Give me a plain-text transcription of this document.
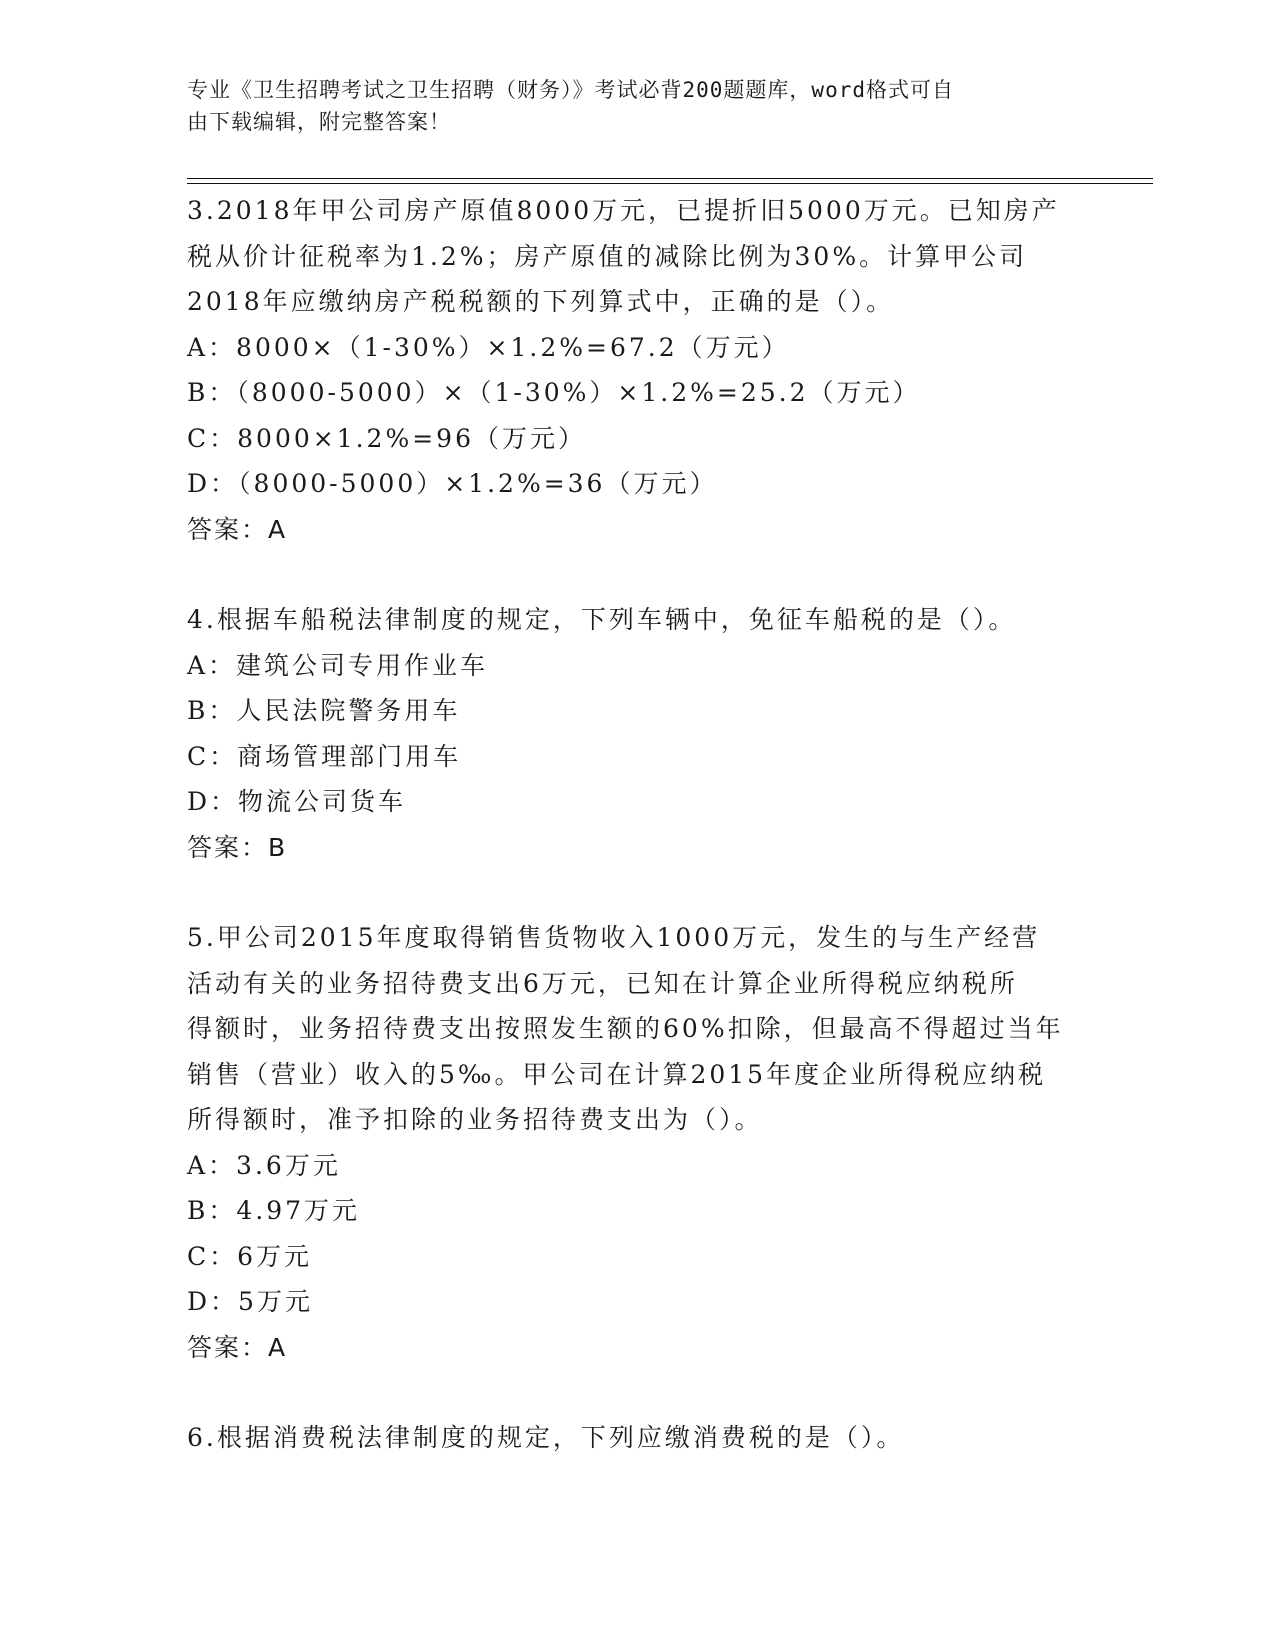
专业《卫生招聘考试之卫生招聘（财务）》考试必背200题题库，word格式可自
由下载编辑，附完整答案！
3.2018年甲公司房产原值8000万元，已提折旧5000万元。已知房产
税从价计征税率为1.2%；房产原值的减除比例为30%。计算甲公司
2018年应缴纳房产税税额的下列算式中，正确的是（）。
A：8000×（1-30%）×1.2%=67.2（万元）
B：（8000-5000）×（1-30%）×1.2%=25.2（万元）
C：8000×1.2%=96（万元）
D：（8000-5000）×1.2%=36（万元）
答案：A
4.根据车船税法律制度的规定，下列车辆中，免征车船税的是（）。
A：建筑公司专用作业车
B：人民法院警务用车
C：商场管理部门用车
D：物流公司货车
答案：B
5.甲公司2015年度取得销售货物收入1000万元，发生的与生产经营
活动有关的业务招待费支出6万元，已知在计算企业所得税应纳税所
得额时，业务招待费支出按照发生额的60%扣除，但最高不得超过当年
销售（营业）收入的5‰。甲公司在计算2015年度企业所得税应纳税
所得额时，准予扣除的业务招待费支出为（）。
A：3.6万元
B：4.97万元
C：6万元
D：5万元
答案：A
6.根据消费税法律制度的规定，下列应缴消费税的是（）。
